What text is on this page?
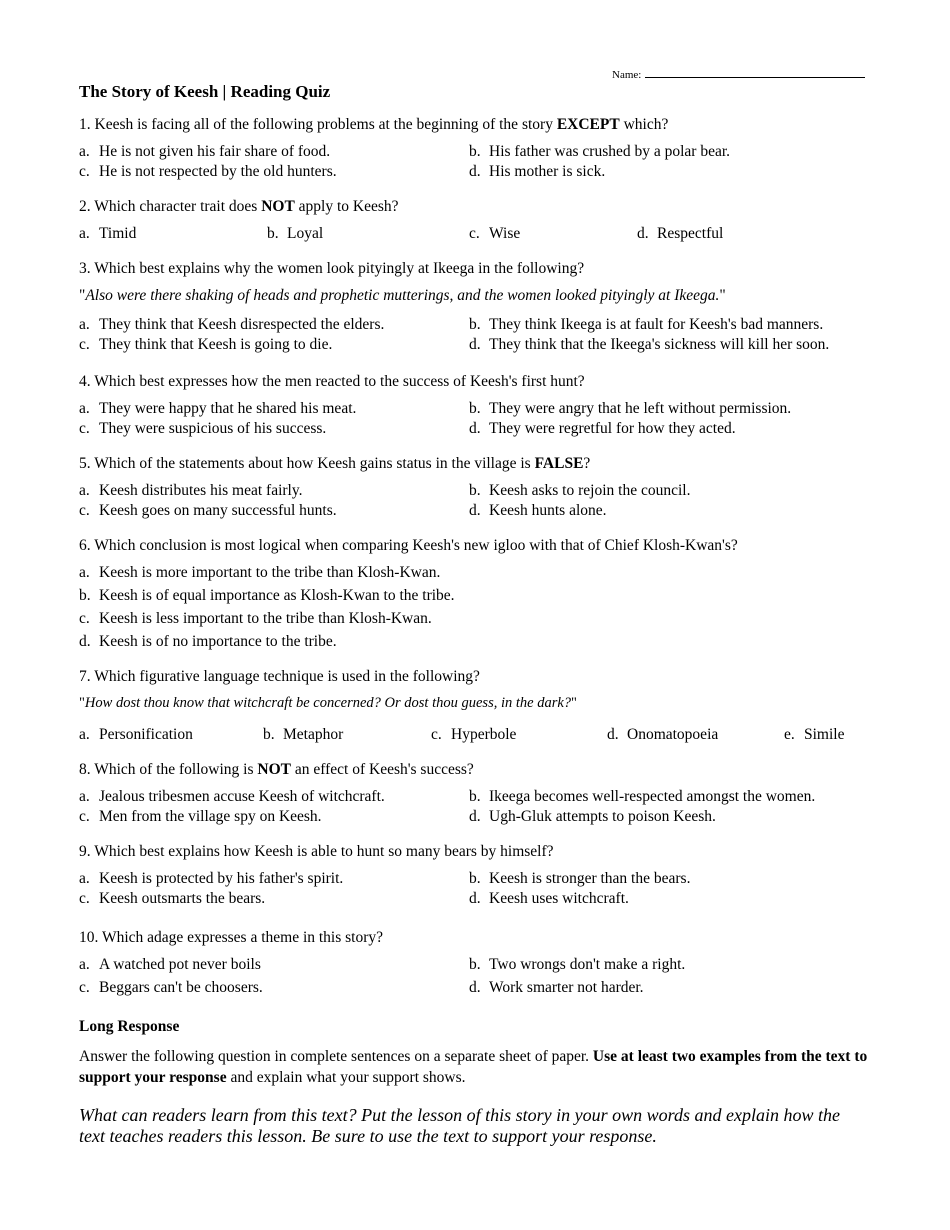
Name:
The Story of Keesh | Reading Quiz
1. Keesh is facing all of the following problems at the beginning of the story EXCEPT which?
a. He is not given his fair share of food.	b. His father was crushed by a polar bear.
c. He is not respected by the old hunters.	d. His mother is sick.
2. Which character trait does NOT apply to Keesh?
a. Timid	b. Loyal	c. Wise	d. Respectful
3. Which best explains why the women look pityingly at Ikeega in the following?
"Also were there shaking of heads and prophetic mutterings, and the women looked pityingly at Ikeega."
a. They think that Keesh disrespected the elders.	b. They think Ikeega is at fault for Keesh's bad manners.
c. They think that Keesh is going to die.	d. They think that the Ikeega's sickness will kill her soon.
4. Which best expresses how the men reacted to the success of Keesh's first hunt?
a. They were happy that he shared his meat.	b. They were angry that he left without permission.
c. They were suspicious of his success.	d. They were regretful for how they acted.
5. Which of the statements about how Keesh gains status in the village is FALSE?
a. Keesh distributes his meat fairly.	b. Keesh asks to rejoin the council.
c. Keesh goes on many successful hunts.	d. Keesh hunts alone.
6. Which conclusion is most logical when comparing Keesh's new igloo with that of Chief Klosh-Kwan's?
a. Keesh is more important to the tribe than Klosh-Kwan.
b. Keesh is of equal importance as Klosh-Kwan to the tribe.
c. Keesh is less important to the tribe than Klosh-Kwan.
d. Keesh is of no importance to the tribe.
7. Which figurative language technique is used in the following?
"How dost thou know that witchcraft be concerned? Or dost thou guess, in the dark?"
a. Personification	b. Metaphor	c. Hyperbole	d. Onomatopoeia	e. Simile
8. Which of the following is NOT an effect of Keesh's success?
a. Jealous tribesmen accuse Keesh of witchcraft.	b. Ikeega becomes well-respected amongst the women.
c. Men from the village spy on Keesh.	d. Ugh-Gluk attempts to poison Keesh.
9. Which best explains how Keesh is able to hunt so many bears by himself?
a. Keesh is protected by his father's spirit.	b. Keesh is stronger than the bears.
c. Keesh outsmarts the bears.	d. Keesh uses witchcraft.
10. Which adage expresses a theme in this story?
a. A watched pot never boils	b. Two wrongs don't make a right.
c. Beggars can't be choosers.	d. Work smarter not harder.
Long Response
Answer the following question in complete sentences on a separate sheet of paper. Use at least two examples from the text to support your response and explain what your support shows.
What can readers learn from this text? Put the lesson of this story in your own words and explain how the text teaches readers this lesson. Be sure to use the text to support your response.
